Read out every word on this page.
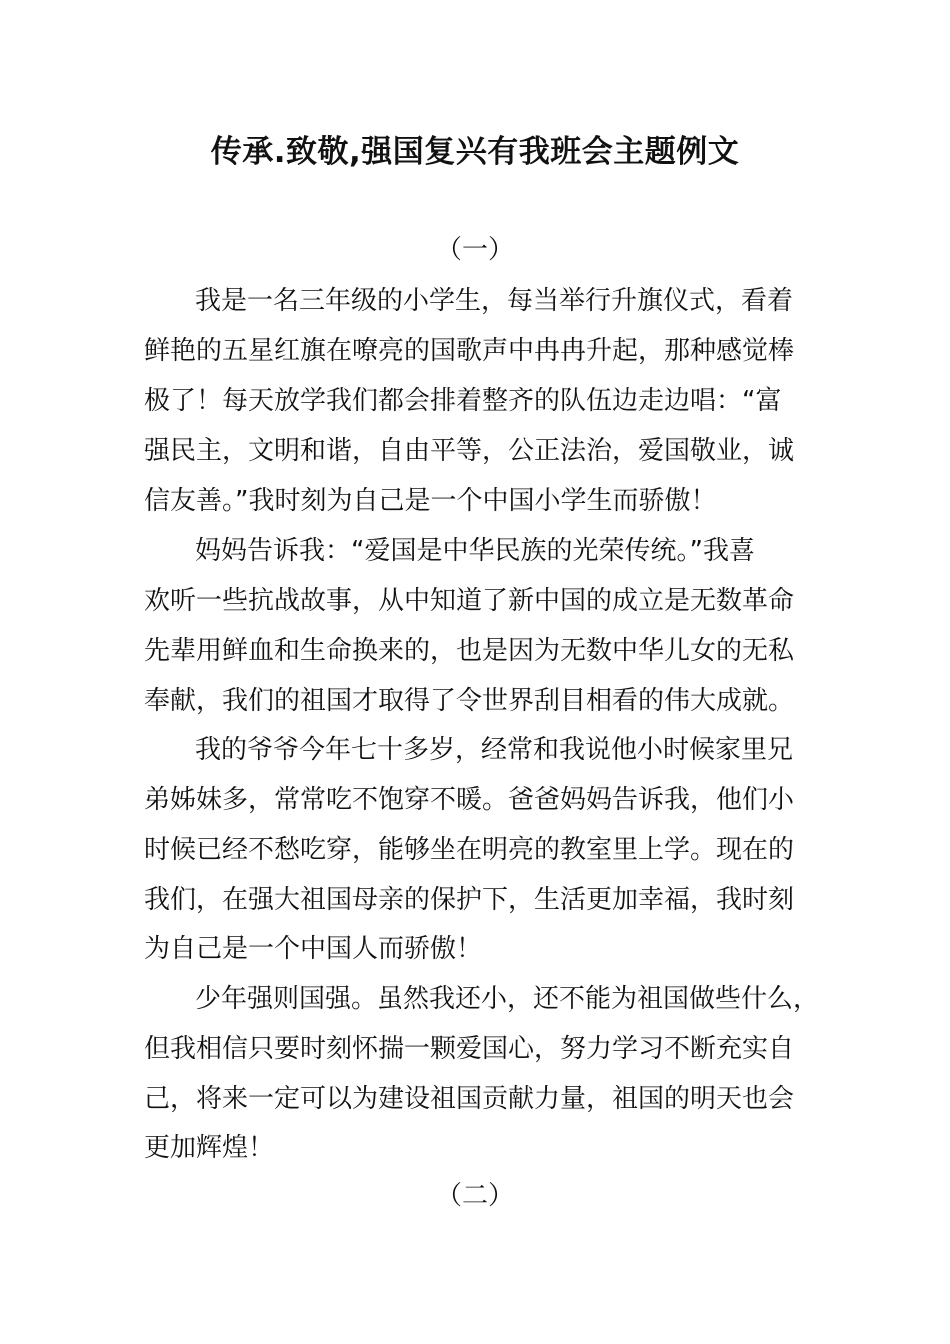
传承.致敬,强国复兴有我班会主题例文
（一）
我是一名三年级的小学生，每当举行升旗仪式，看着
鲜艳的五星红旗在嘹亮的国歌声中冉冉升起，那种感觉棒
极了！每天放学我们都会排着整齐的队伍边走边唱：“富
强民主，文明和谐，自由平等，公正法治，爱国敬业，诚
信友善。”我时刻为自己是一个中国小学生而骄傲！
妈妈告诉我：“爱国是中华民族的光荣传统。”我喜
欢听一些抗战故事，从中知道了新中国的成立是无数革命
先辈用鲜血和生命换来的，也是因为无数中华儿女的无私
奉献，我们的祖国才取得了令世界刮目相看的伟大成就。
我的爷爷今年七十多岁，经常和我说他小时候家里兄
弟姊妹多，常常吃不饱穿不暖。爸爸妈妈告诉我，他们小
时候已经不愁吃穿，能够坐在明亮的教室里上学。现在的
我们，在强大祖国母亲的保护下，生活更加幸福，我时刻
为自己是一个中国人而骄傲！
少年强则国强。虽然我还小，还不能为祖国做些什么，
但我相信只要时刻怀揣一颗爱国心，努力学习不断充实自
己，将来一定可以为建设祖国贡献力量，祖国的明天也会
更加辉煌！
（二）
